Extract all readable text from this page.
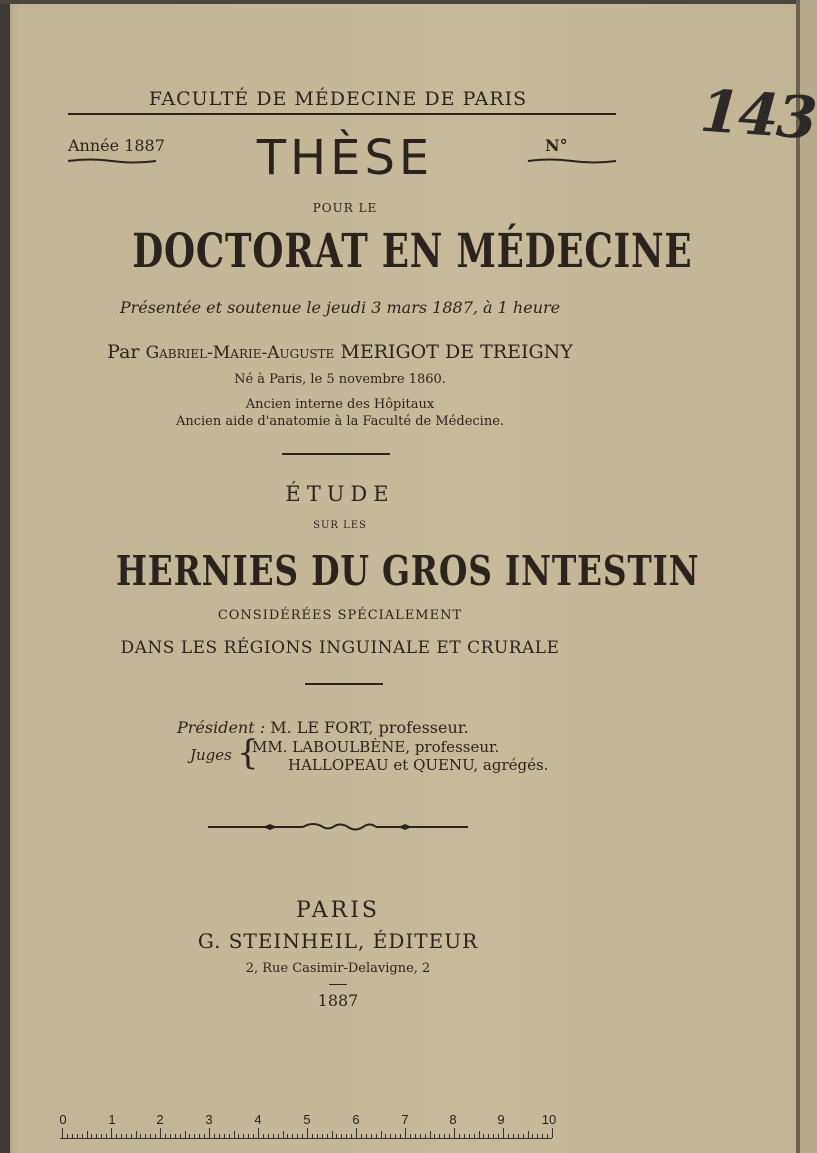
FACULTÉ DE MÉDECINE DE PARIS
Année 1887	N°
THÈSE
POUR LE
DOCTORAT EN MÉDECINE
Présentée et soutenue le jeudi 3 mars 1887, à 1 heure
Par Gabriel-Marie-Auguste MERIGOT DE TREIGNY
Né à Paris, le 5 novembre 1860.
Ancien interne des Hôpitaux
Ancien aide d'anatomie à la Faculté de Médecine.
ÉTUDE
SUR LES
HERNIES DU GROS INTESTIN
CONSIDÉRÉES SPÉCIALEMENT
DANS LES RÉGIONS INGUINALE ET CRURALE
Président : M. LE FORT, professeur.
Juges {
MM. LABOULBÈNE, professeur.
HALLOPEAU et QUENU, agrégés.
PARIS
G. STEINHEIL, ÉDITEUR
2, Rue Casimir-Delavigne, 2
1887
143
0	1	2	3	4	5	6	7	8	9	10
